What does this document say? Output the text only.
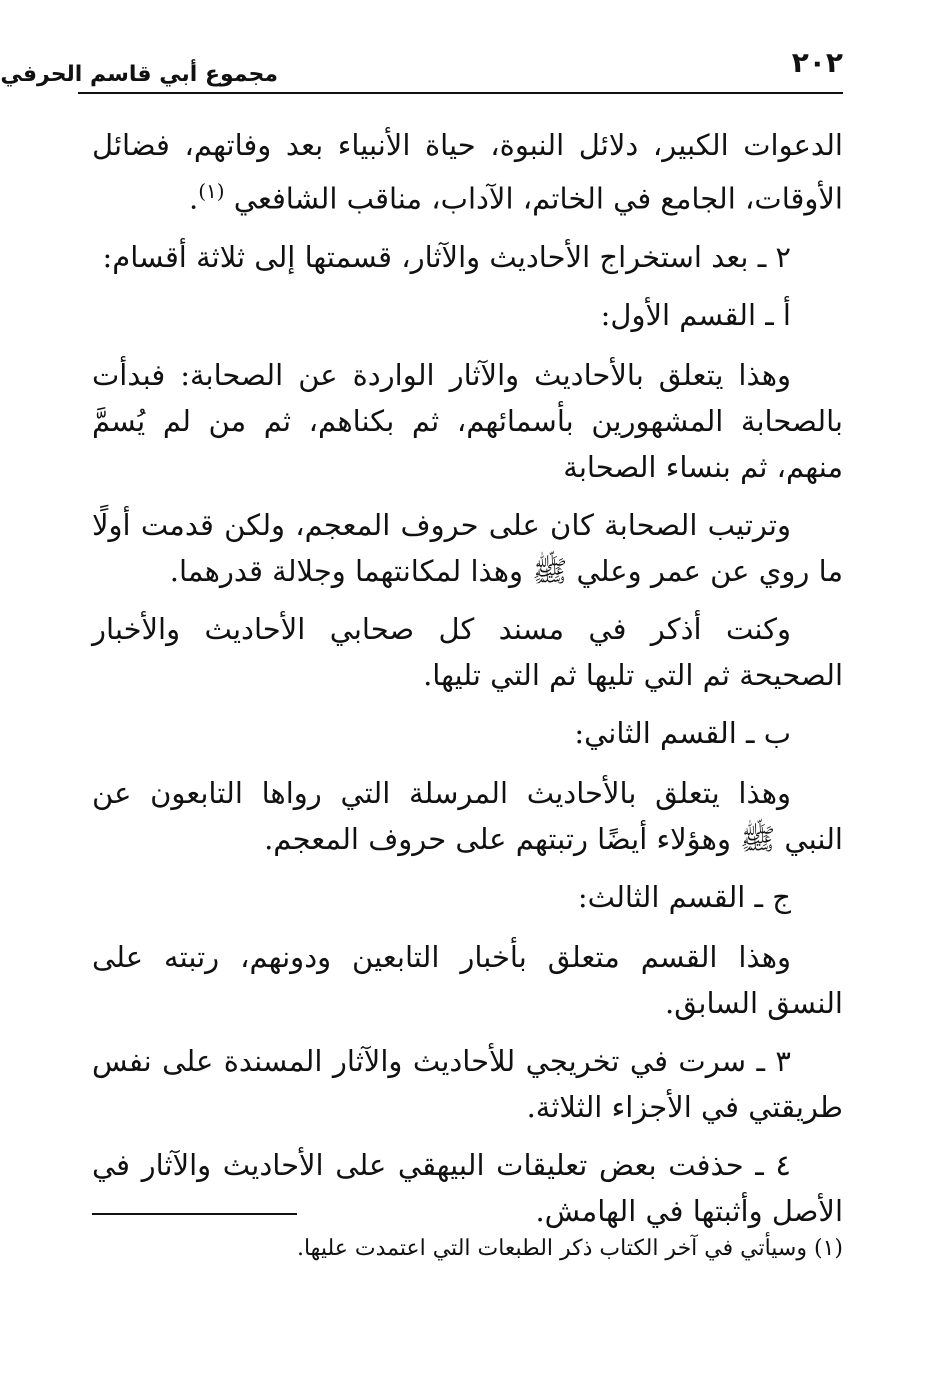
٢٠٢
مجموع أبي قاسم الحرفي

الدعوات الكبير، دلائل النبوة، حياة الأنبياء بعد وفاتهم، فضائل الأوقات، الجامع في الخاتم، الآداب، مناقب الشافعي $^{(١)}$.

٢ ـ بعد استخراج الأحاديث والآثار، قسمتها إلى ثلاثة أقسام:

أ ـ القسم الأول:

وهذا يتعلق بالأحاديث والآثار الواردة عن الصحابة: فبدأت بالصحابة المشهورين بأسمائهم، ثم بكناهم، ثم من لم يُسمَّ منهم، ثم بنساء الصحابة

وترتيب الصحابة كان على حروف المعجم، ولكن قدمت أولًا ما روي عن عمر وعلي ﷺ وهذا لمكانتهما وجلالة قدرهما.

وكنت أذكر في مسند كل صحابي الأحاديث والأخبار الصحيحة ثم التي تليها ثم التي تليها.

ب ـ القسم الثاني:

وهذا يتعلق بالأحاديث المرسلة التي رواها التابعون عن النبي ﷺ وهؤلاء أيضًا رتبتهم على حروف المعجم.

ج ـ القسم الثالث:

وهذا القسم متعلق بأخبار التابعين ودونهم، رتبته على النسق السابق.

٣ ـ سرت في تخريجي للأحاديث والآثار المسندة على نفس طريقتي في الأجزاء الثلاثة.

٤ ـ حذفت بعض تعليقات البيهقي على الأحاديث والآثار في الأصل وأثبتها في الهامش.

(١) وسيأتي في آخر الكتاب ذكر الطبعات التي اعتمدت عليها.
